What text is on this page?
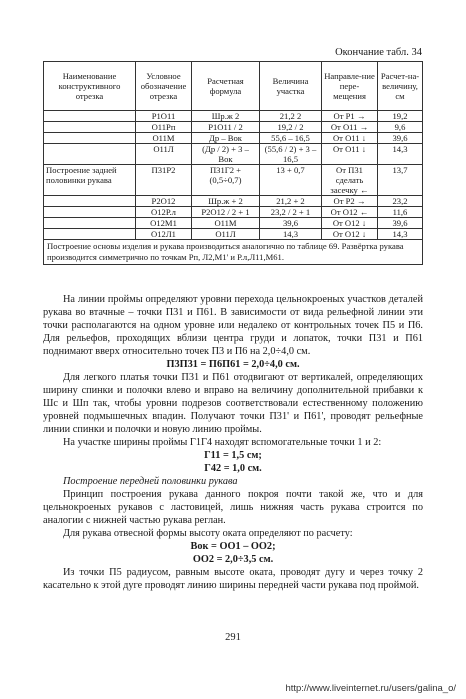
Окончание табл. 34
Наименование конструктивного отрезка	Условное обозначение отрезка	Расчетная формула	Величина участка	Направле-ние пере-мещения	Расчет-на-величину, см
	Р1О11	Шр.ж 2	21,2 2	От Р1 →	19,2
	О11Рп	Р1О11 / 2	19,2 / 2	От О11 →	9,6
	О11М	Др – Вок	55,6 – 16,5	От О11 ↓	39,6
	О11Л	(Др / 2) + 3 – Вок	(55,6 / 2) + 3 – 16,5	От О11 ↓	14,3
Построение задней половинки рукава	П31Р2	П31Г2 + (0,5÷0,7)	13 + 0,7	От П31 сделать засечку ←	13,7
	Р2О12	Шр.ж + 2	21,2 + 2	От Р2 →	23,2
	О12Р.л	Р2О12 / 2 + 1	23,2 / 2 + 1	От О12 ←	11,6
	О12М1	О11М	39,6	От О12 ↓	39,6
	О12Л1	О11Л	14,3	От О12 ↓	14,3
Построение основы изделия и рукава производиться аналогично по таблице 69. Развёртка рукава производится симметрично по точкам Рп, Л2,М1' и Р.л,Л11,М61.					

На линии проймы определяют уровни перехода цельнокроеных участков деталей рукава во втачные – точки П31 и П61. В зависимости от вида рельефной линии эти точки располагаются на одном уровне или недалеко от контрольных точек П5 и П6. Для рельефов, проходящих вблизи центра груди и лопаток, точки П31 и П61 поднимают вверх относительно точек П3 и П6 на 2,0÷4,0 см.

П3П31 = П6П61 = 2,0÷4,0 см.

Для легкого платья точки П31 и П61 отодвигают от вертикалей, определяющих ширину спинки и полочки влево и вправо на величину дополнительной прибавки к Шс и Шп так, чтобы уровни подрезов соответствовали естественному положению уровней подмышечных впадин. Получают точки П31' и П61', проводят рельефные линии спинки и полочки и новую линию проймы.

На участке ширины проймы Г1Г4 находят вспомогательные точки 1 и 2:

Г11 = 1,5 см;

Г42 = 1,0 см.

Построение передней половинки рукава

Принцип построения рукава данного покроя почти такой же, что и для цельнокроеных рукавов с ластовицей, лишь нижняя часть рукава строится по аналогии с нижней частью рукава реглан.

Для рукава отвесной формы высоту оката определяют по расчету:

Вок = ОО1 – ОО2;

ОО2 = 2,0÷3,5 см.

Из точки П5 радиусом, равным высоте оката, проводят дугу и через точку 2 касательно к этой дуге проводят линию ширины передней части рукава под проймой.

291
http://www.liveinternet.ru/users/galina_o/
